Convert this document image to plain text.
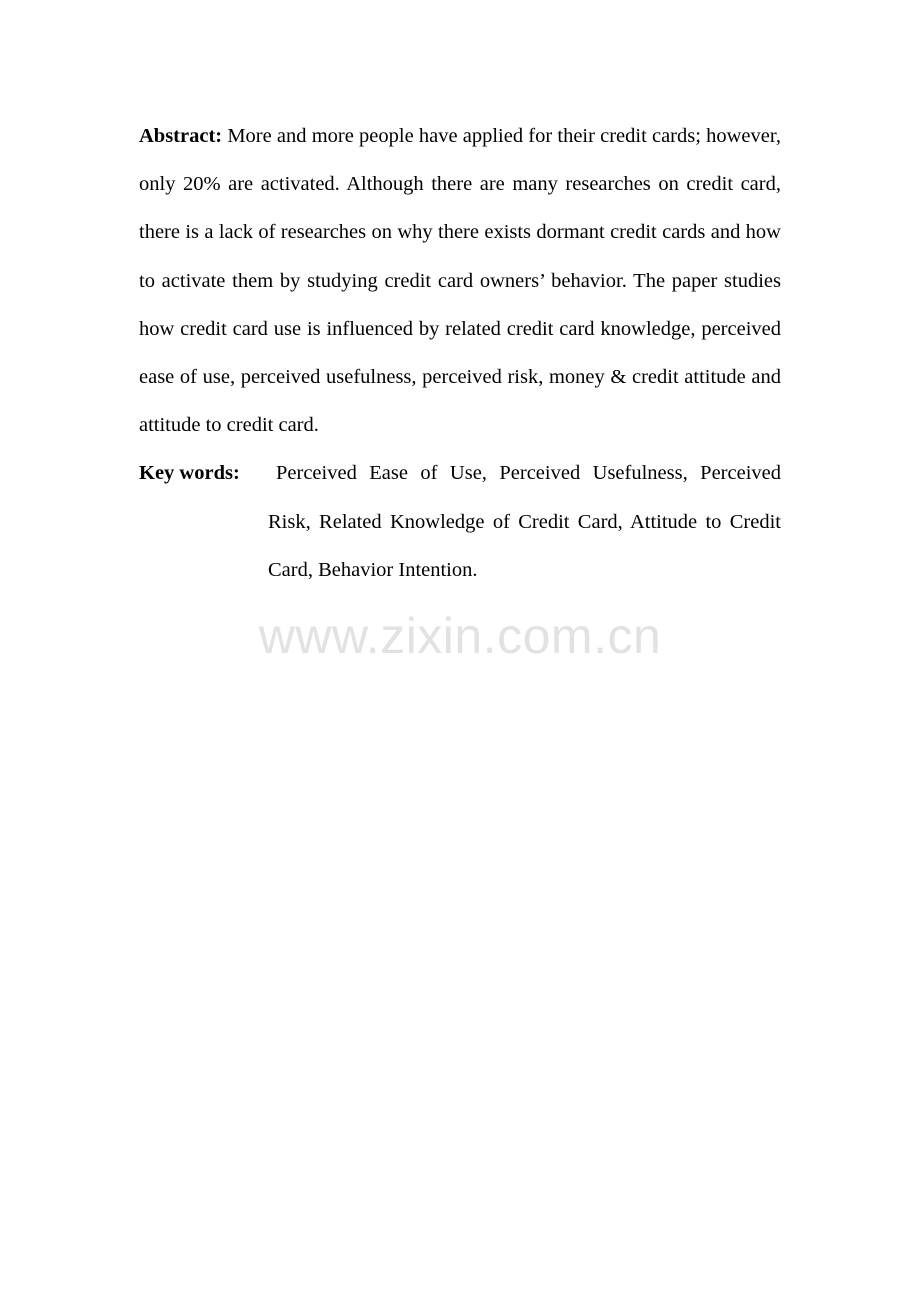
Abstract: More and more people have applied for their credit cards; however, only 20% are activated. Although there are many researches on credit card, there is a lack of researches on why there exists dormant credit cards and how to activate them by studying credit card owners’ behavior. The paper studies how credit card use is influenced by related credit card knowledge, perceived ease of use, perceived usefulness, perceived risk, money & credit attitude and attitude to credit card.

Key words:	Perceived Ease of Use, Perceived Usefulness, Perceived Risk, Related Knowledge of Credit Card, Attitude to Credit Card, Behavior Intention.
www.zixin.com.cn
